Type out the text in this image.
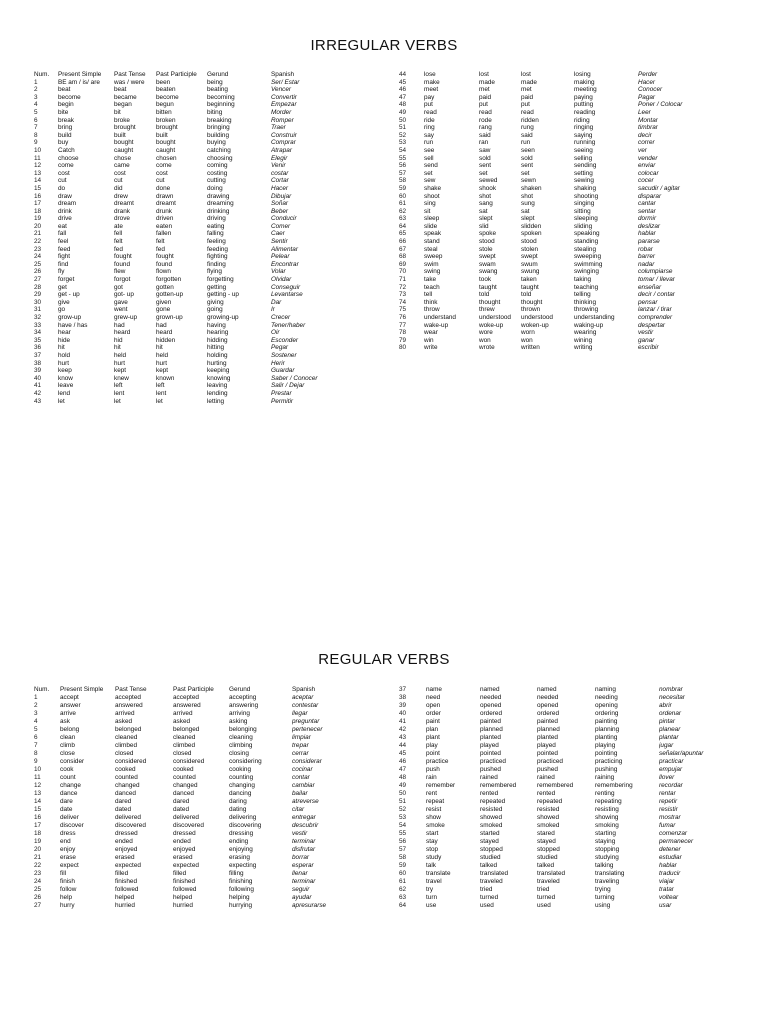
IRREGULAR VERBS
Num.	Present Simple	Past Tense	Past Participle	Gerund	Spanish
1	BE am / is/ are	was / were	been	being	Ser/ Estar
2	beat	beat	beaten	beating	Vencer
3	become	became	become	becoming	Convertir
4	begin	began	begun	beginning	Empezar
5	bite	bit	bitten	biting	Morder
6	break	broke	broken	breaking	Romper
7	bring	brought	brought	bringing	Traer
8	build	built	built	building	Construir
9	buy	bought	bought	buying	Comprar
10	Catch	caught	caught	catching	Atrapar
11	choose	chose	chosen	choosing	Elegir
12	come	came	come	coming	Venir
13	cost	cost	cost	costing	costar
14	cut	cut	cut	cutting	Cortar
15	do	did	done	doing	Hacer
16	draw	drew	drawn	drawing	Dibujar
17	dream	dreamt	dreamt	dreaming	Soñar
18	drink	drank	drunk	drinking	Beber
19	drive	drove	driven	driving	Conducir
20	eat	ate	eaten	eating	Comer
21	fall	fell	fallen	falling	Caer
22	feel	felt	felt	feeling	Sentir
23	feed	fed	fed	feeding	Alimentar
24	fight	fought	fought	fighting	Pelear
25	find	found	found	finding	Encontrar
26	fly	flew	flown	flying	Volar
27	forget	forgot	forgotten	forgetting	Olvidar
28	get	got	gotten	getting	Conseguir
29	get - up	got- up	gotten-up	getting - up	Levantarse
30	give	gave	given	giving	Dar
31	go	went	gone	going	Ir
32	grow-up	grew-up	grown-up	growing-up	Crecer
33	have / has	had	had	having	Tener/haber
34	hear	heard	heard	hearing	Oir
35	hide	hid	hidden	hidding	Esconder
36	hit	hit	hit	hitting	Pegar
37	hold	held	held	holding	Sostener
38	hurt	hurt	hurt	hurting	Herir
39	keep	kept	kept	keeping	Guardar
40	know	knew	known	knowing	Saber / Conocer
41	leave	left	left	leaving	Salir / Dejar
42	lend	lent	lent	lending	Prestar
43	let	let	let	letting	Permitir
44	lose	lost	lost	losing	Perder
45	make	made	made	making	Hacer
46	meet	met	met	meeting	Conocer
47	pay	paid	paid	paying	Pagar
48	put	put	put	putting	Poner / Colocar
49	read	read	read	reading	Leer
50	ride	rode	ridden	riding	Montar
51	ring	rang	rung	ringing	timbrar
52	say	said	said	saying	decir
53	run	ran	run	running	correr
54	see	saw	seen	seeing	ver
55	sell	sold	sold	selling	vender
56	send	sent	sent	sending	enviar
57	set	set	set	setting	colocar
58	sew	sewed	sewn	sewing	cocer
59	shake	shook	shaken	shaking	sacudir / agitar
60	shoot	shot	shot	shooting	disparar
61	sing	sang	sung	singing	cantar
62	sit	sat	sat	sitting	sentar
63	sleep	slept	slept	sleeping	dormir
64	slide	slid	slidden	sliding	deslizar
65	speak	spoke	spoken	speaking	hablar
66	stand	stood	stood	standing	pararse
67	steal	stole	stolen	stealing	robar
68	sweep	swept	swept	sweeping	barrer
69	swim	swam	swum	swimming	nadar
70	swing	swang	swung	swinging	columpiarse
71	take	took	taken	taking	tomar / llevar
72	teach	taught	taught	teaching	enseñar
73	tell	told	told	telling	decir / contar
74	think	thought	thought	thinking	pensar
75	throw	threw	thrown	throwing	lanzar / tirar
76	understand	understood	understood	understanding	comprender
77	wake-up	woke-up	woken-up	waking-up	despertar
78	wear	wore	worn	wearing	vestir
79	win	won	won	wining	ganar
80	write	wrote	written	writing	escribir
REGULAR VERBS
Num.	Present Simple	Past Tense	Past Participle	Gerund	Spanish
1	accept	accepted	accepted	accepting	aceptar
2	answer	answered	answered	answering	contestar
3	arrive	arrived	arrived	arriving	llegar
4	ask	asked	asked	asking	preguntar
5	belong	belonged	belonged	belonging	pertenecer
6	clean	cleaned	cleaned	cleaning	limpiar
7	climb	climbed	climbed	climbing	trepar
8	close	closed	closed	closing	cerrar
9	consider	considered	considered	considering	considerar
10	cook	cooked	cooked	cooking	cocinar
11	count	counted	counted	counting	contar
12	change	changed	changed	changing	cambiar
13	dance	danced	danced	dancing	bailar
14	dare	dared	dared	daring	atreverse
15	date	dated	dated	dating	citar
16	deliver	delivered	delivered	delivering	entregar
17	discover	discovered	discovered	discovering	descubrir
18	dress	dressed	dressed	dressing	vestir
19	end	ended	ended	ending	terminar
20	enjoy	enjoyed	enjoyed	enjoying	disfrutar
21	erase	erased	erased	erasing	borrar
22	expect	expected	expected	expecting	esperar
23	fill	filled	filled	filling	llenar
24	finish	finished	finished	finishing	terminar
25	follow	followed	followed	following	seguir
26	help	helped	helped	helping	ayudar
27	hurry	hurried	hurried	hurrying	apresurarse
37	name	named	named	naming	nombrar
38	need	needed	needed	needing	necesitar
39	open	opened	opened	opening	abrir
40	order	ordered	ordered	ordering	ordenar
41	paint	painted	painted	painting	pintar
42	plan	planned	planned	planning	planear
43	plant	planted	planted	planting	plantar
44	play	played	played	playing	jugar
45	point	pointed	pointed	pointing	señalar/apuntar
46	practice	practiced	practiced	practicing	practicar
47	push	pushed	pushed	pushing	empujar
48	rain	rained	rained	raining	llover
49	remember	remembered	remembered	remembering	recordar
50	rent	rented	rented	renting	rentar
51	repeat	repeated	repeated	repeating	repetir
52	resist	resisted	resisted	resisting	resistir
53	show	showed	showed	showing	mostrar
54	smoke	smoked	smoked	smoking	fumar
55	start	started	stared	starting	comenzar
56	stay	stayed	stayed	staying	permanecer
57	stop	stopped	stopped	stopping	detener
58	study	studied	studied	studying	estudiar
59	talk	talked	talked	talking	hablar
60	translate	translated	translated	translating	traducir
61	travel	traveled	traveled	traveling	viajar
62	try	tried	tried	trying	tratar
63	turn	turned	turned	turning	voltear
64	use	used	used	using	usar
